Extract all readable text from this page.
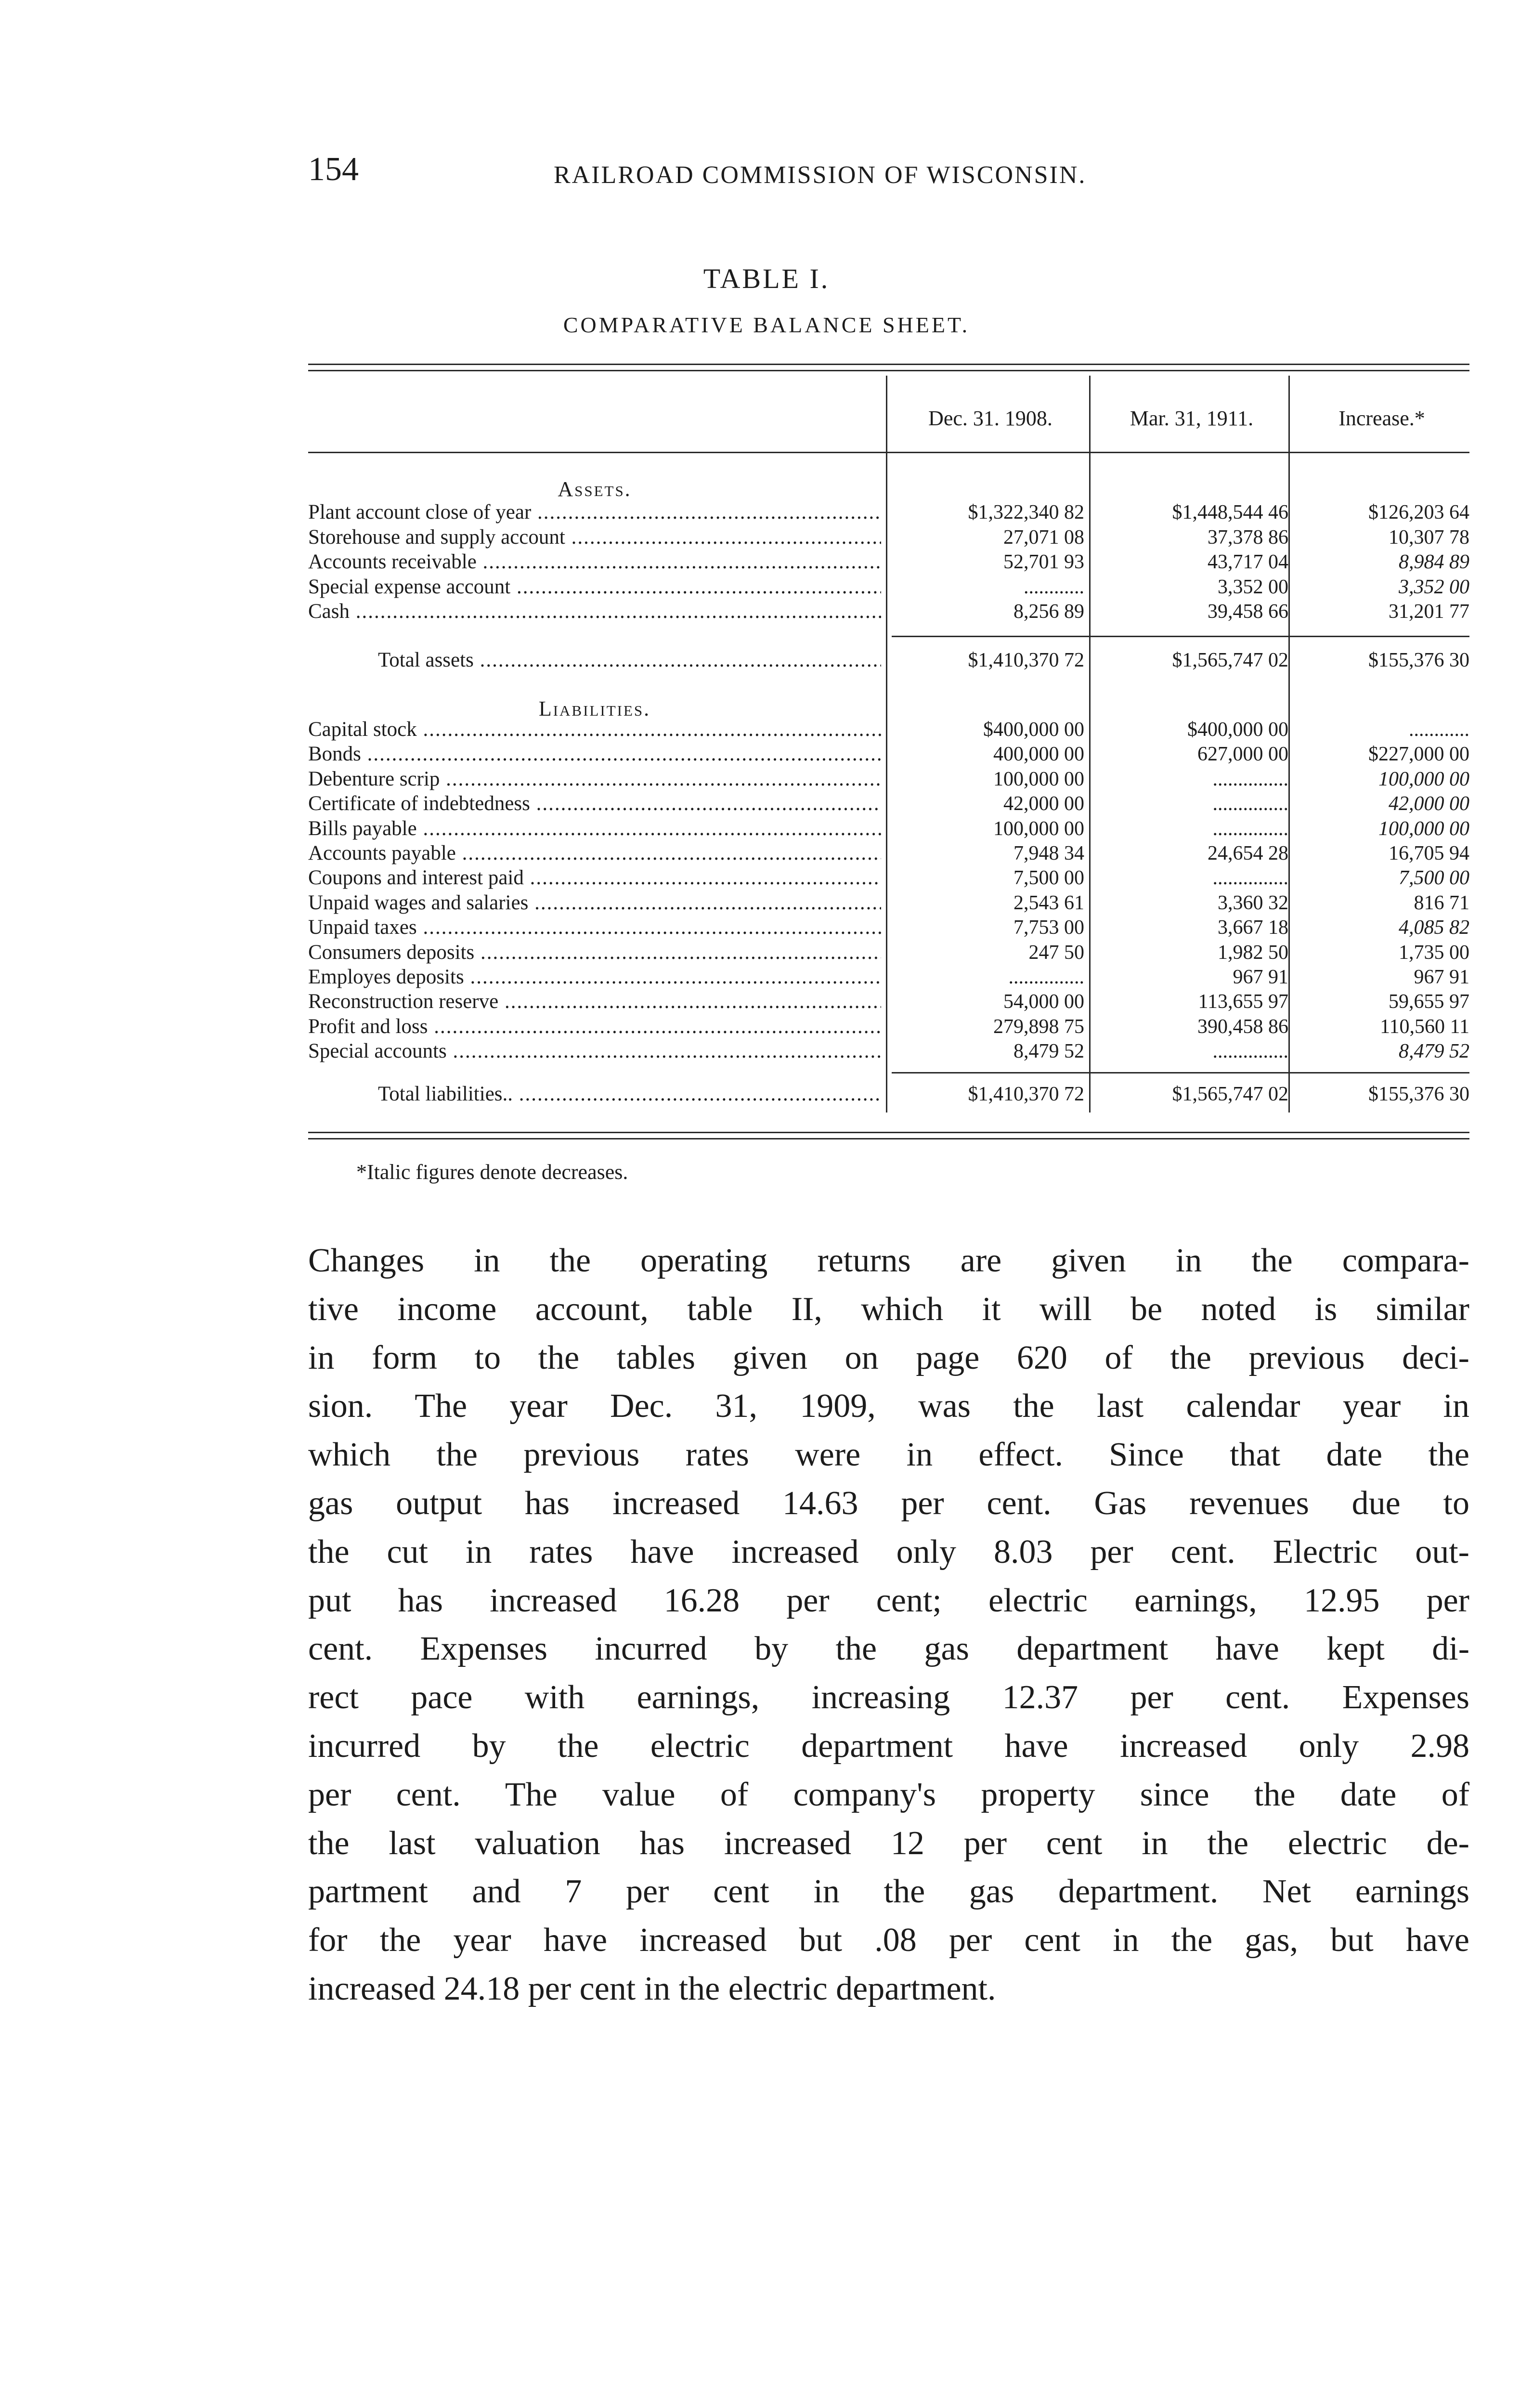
154	RAILROAD COMMISSION OF WISCONSIN.
TABLE I.
COMPARATIVE BALANCE SHEET.
Dec. 31. 1908.	Mar. 31, 1911.	Increase.*
Assets.
Plant account close of year .....	$1,322,340 82	$1,448,544 46	$126,203 64
Storehouse and supply account .....	27,071 08	37,378 86	10,307 78
Accounts receivable .....	52,701 93	43,717 04	8,984 89
Special expense account .....	............	3,352 00	3,352 00
Cash .....	8,256 89	39,458 66	31,201 77
Total assets .....	$1,410,370 72	$1,565,747 02	$155,376 30
Liabilities.
Capital stock .....	$400,000 00	$400,000 00	............
Bonds .....	400,000 00	627,000 00	$227,000 00
Debenture scrip .....	100,000 00	...............	100,000 00
Certificate of indebtedness .....	42,000 00	...............	42,000 00
Bills payable .....	100,000 00	...............	100,000 00
Accounts payable .....	7,948 34	24,654 28	16,705 94
Coupons and interest paid .....	7,500 00	...............	7,500 00
Unpaid wages and salaries .....	2,543 61	3,360 32	816 71
Unpaid taxes .....	7,753 00	3,667 18	4,085 82
Consumers deposits .....	247 50	1,982 50	1,735 00
Employes deposits .....	...............	967 91	967 91
Reconstruction reserve .....	54,000 00	113,655 97	59,655 97
Profit and loss .....	279,898 75	390,458 86	110,560 11
Special accounts .....	8,479 52	...............	8,479 52
Total liabilities.. .....	$1,410,370 72	$1,565,747 02	$155,376 30
*Italic figures denote decreases.
Changes in the operating returns are given in the compara-
tive income account, table II, which it will be noted is similar
in form to the tables given on page 620 of the previous deci-
sion. The year Dec. 31, 1909, was the last calendar year in
which the previous rates were in effect. Since that date the
gas output has increased 14.63 per cent. Gas revenues due to
the cut in rates have increased only 8.03 per cent. Electric out-
put has increased 16.28 per cent; electric earnings, 12.95 per
cent. Expenses incurred by the gas department have kept di-
rect pace with earnings, increasing 12.37 per cent. Expenses
incurred by the electric department have increased only 2.98
per cent. The value of company's property since the date of
the last valuation has increased 12 per cent in the electric de-
partment and 7 per cent in the gas department. Net earnings
for the year have increased but .08 per cent in the gas, but have
increased 24.18 per cent in the electric department.
